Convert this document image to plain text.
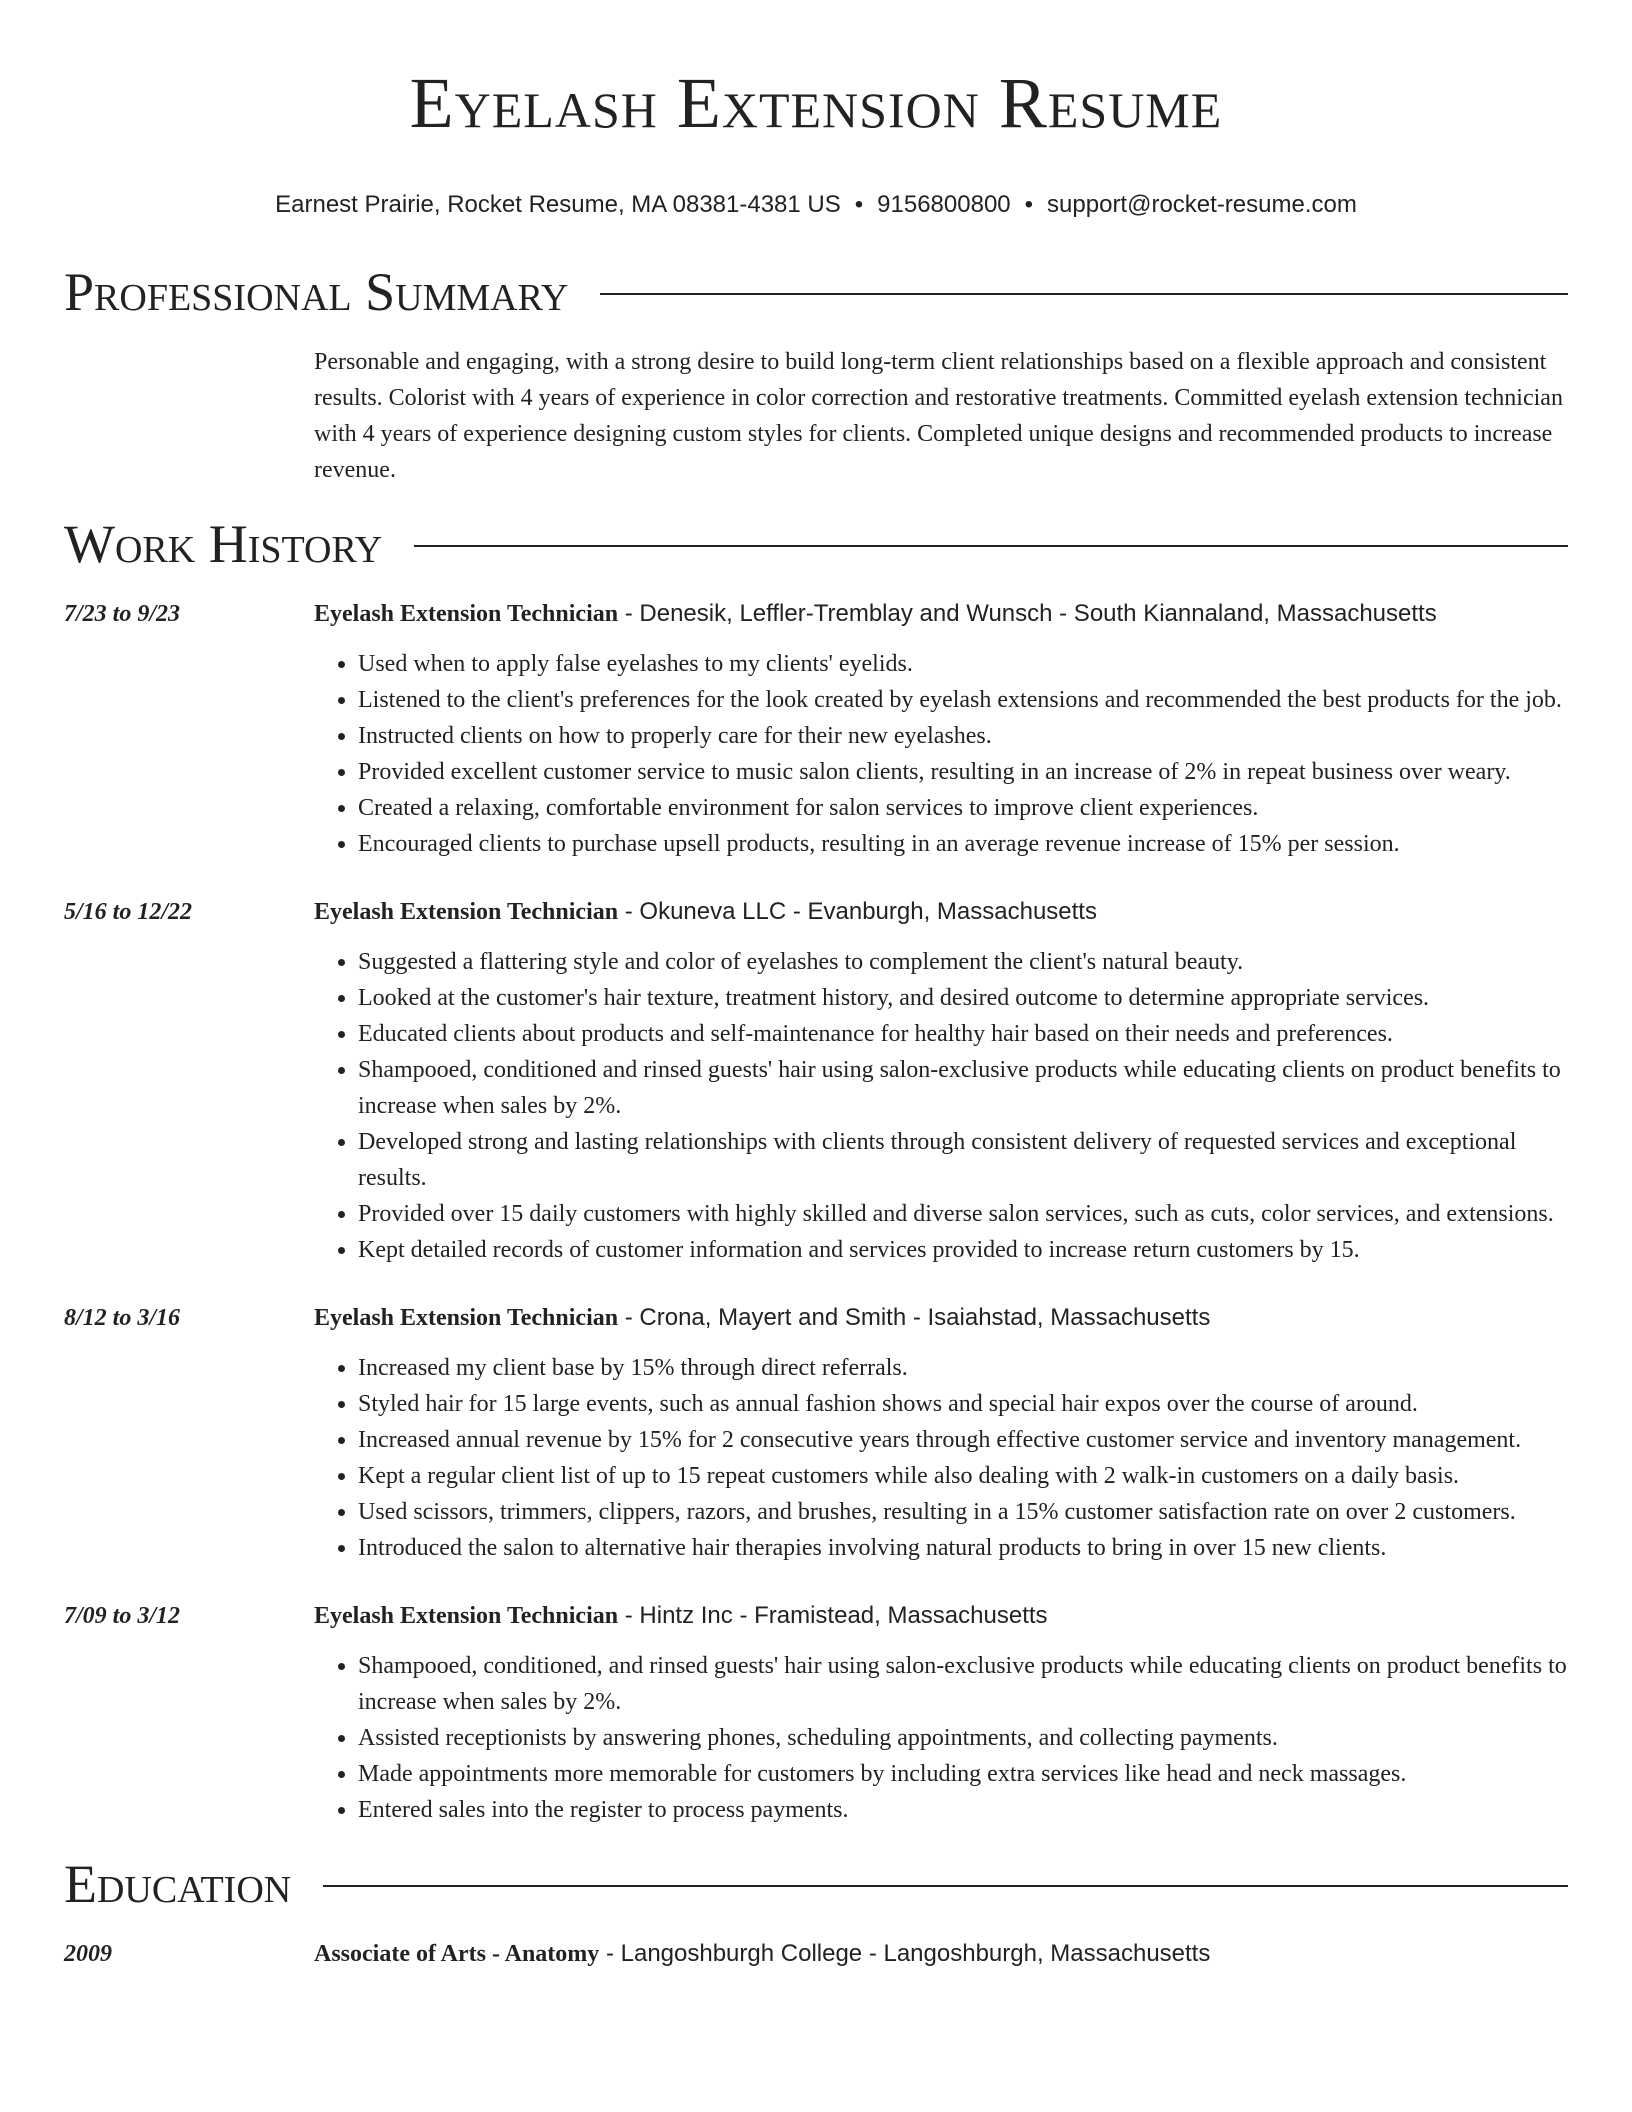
Eyelash Extension Resume
Earnest Prairie, Rocket Resume, MA 08381-4381 US • 9156800800 • support@rocket-resume.com
Professional Summary
Personable and engaging, with a strong desire to build long-term client relationships based on a flexible approach and consistent results. Colorist with 4 years of experience in color correction and restorative treatments. Committed eyelash extension technician with 4 years of experience designing custom styles for clients. Completed unique designs and recommended products to increase revenue.
Work History
7/23 to 9/23	Eyelash Extension Technician - Denesik, Leffler-Tremblay and Wunsch - South Kiannaland, Massachusetts
• Used when to apply false eyelashes to my clients' eyelids.
• Listened to the client's preferences for the look created by eyelash extensions and recommended the best products for the job.
• Instructed clients on how to properly care for their new eyelashes.
• Provided excellent customer service to music salon clients, resulting in an increase of 2% in repeat business over weary.
• Created a relaxing, comfortable environment for salon services to improve client experiences.
• Encouraged clients to purchase upsell products, resulting in an average revenue increase of 15% per session.
5/16 to 12/22	Eyelash Extension Technician - Okuneva LLC - Evanburgh, Massachusetts
• Suggested a flattering style and color of eyelashes to complement the client's natural beauty.
• Looked at the customer's hair texture, treatment history, and desired outcome to determine appropriate services.
• Educated clients about products and self-maintenance for healthy hair based on their needs and preferences.
• Shampooed, conditioned and rinsed guests' hair using salon-exclusive products while educating clients on product benefits to increase when sales by 2%.
• Developed strong and lasting relationships with clients through consistent delivery of requested services and exceptional results.
• Provided over 15 daily customers with highly skilled and diverse salon services, such as cuts, color services, and extensions.
• Kept detailed records of customer information and services provided to increase return customers by 15.
8/12 to 3/16	Eyelash Extension Technician - Crona, Mayert and Smith - Isaiahstad, Massachusetts
• Increased my client base by 15% through direct referrals.
• Styled hair for 15 large events, such as annual fashion shows and special hair expos over the course of around.
• Increased annual revenue by 15% for 2 consecutive years through effective customer service and inventory management.
• Kept a regular client list of up to 15 repeat customers while also dealing with 2 walk-in customers on a daily basis.
• Used scissors, trimmers, clippers, razors, and brushes, resulting in a 15% customer satisfaction rate on over 2 customers.
• Introduced the salon to alternative hair therapies involving natural products to bring in over 15 new clients.
7/09 to 3/12	Eyelash Extension Technician - Hintz Inc - Framistead, Massachusetts
• Shampooed, conditioned, and rinsed guests' hair using salon-exclusive products while educating clients on product benefits to increase when sales by 2%.
• Assisted receptionists by answering phones, scheduling appointments, and collecting payments.
• Made appointments more memorable for customers by including extra services like head and neck massages.
• Entered sales into the register to process payments.
Education
2009	Associate of Arts - Anatomy - Langoshburgh College - Langoshburgh, Massachusetts
